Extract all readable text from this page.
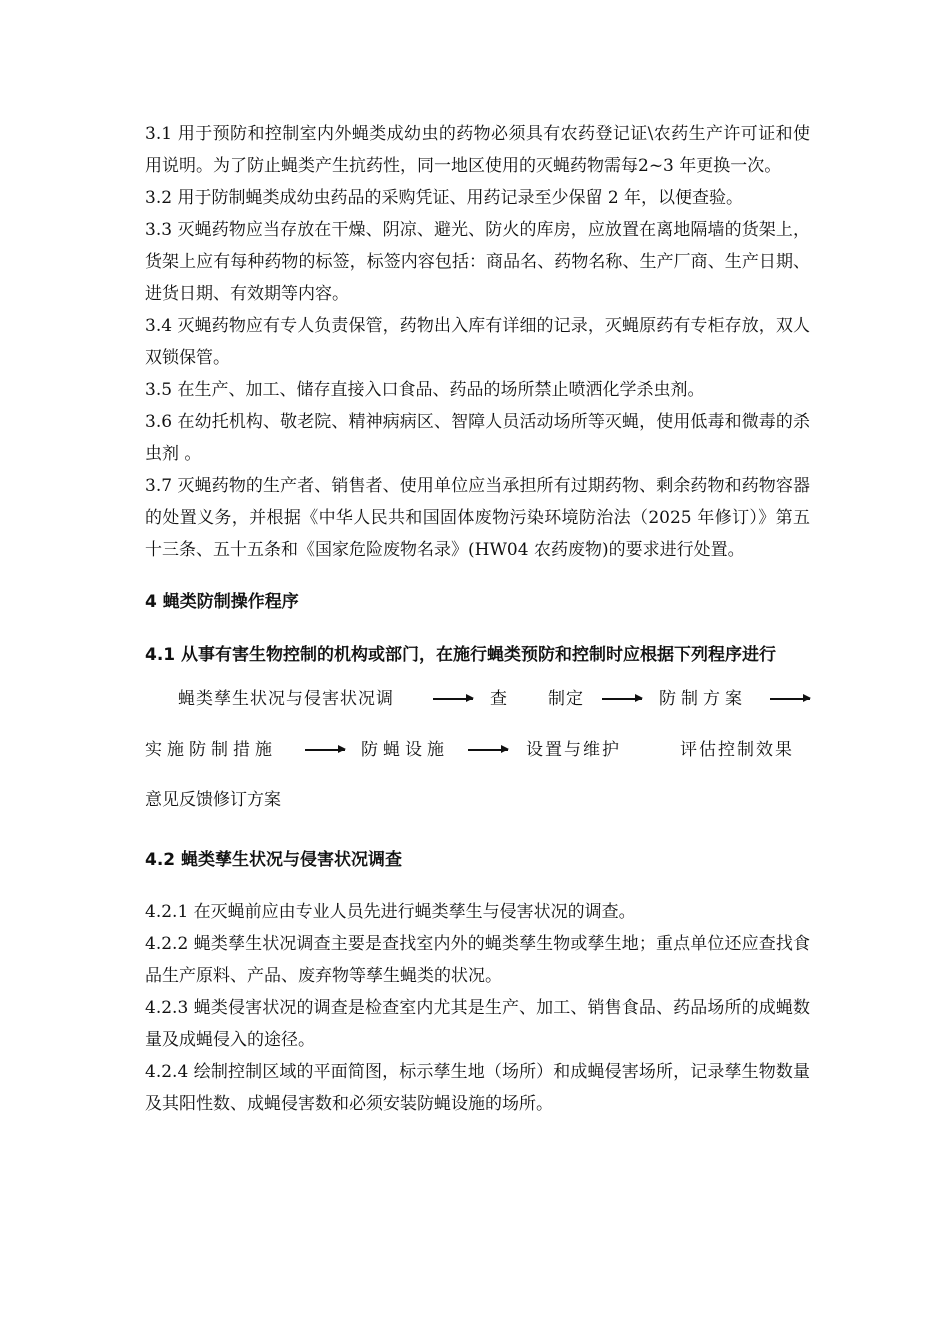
3.1 用于预防和控制室内外蝇类成幼虫的药物必须具有农药登记证\农药生产许可证和使用说明。为了防止蝇类产生抗药性，同一地区使用的灭蝇药物需每2~3 年更换一次。

3.2 用于防制蝇类成幼虫药品的采购凭证、用药记录至少保留 2 年，以便查验。

3.3 灭蝇药物应当存放在干燥、阴凉、避光、防火的库房，应放置在离地隔墙的货架上，货架上应有每种药物的标签，标签内容包括：商品名、药物名称、生产厂商、生产日期、进货日期、有效期等内容。

3.4 灭蝇药物应有专人负责保管，药物出入库有详细的记录，灭蝇原药有专柜存放，双人双锁保管。

3.5 在生产、加工、储存直接入口食品、药品的场所禁止喷洒化学杀虫剂。

3.6 在幼托机构、敬老院、精神病病区、智障人员活动场所等灭蝇，使用低毒和微毒的杀虫剂 。

3.7 灭蝇药物的生产者、销售者、使用单位应当承担所有过期药物、剩余药物和药物容器的处置义务，并根据《中华人民共和国固体废物污染环境防治法（2025 年修订）》第五十三条、五十五条和《国家危险废物名录》(HW04 农药废物)的要求进行处置。

4 蝇类防制操作程序
4.1 从事有害生物控制的机构或部门，在施行蝇类预防和控制时应根据下列程序进行
蝇类孳生状况与侵害状况调	查 制定	防制方案
实施防制措施	防蝇设施	设置与维护	评估控制效果
意见反馈修订方案
4.2 蝇类孳生状况与侵害状况调查

4.2.1 在灭蝇前应由专业人员先进行蝇类孳生与侵害状况的调查。

4.2.2 蝇类孳生状况调查主要是查找室内外的蝇类孳生物或孳生地；重点单位还应查找食品生产原料、产品、废弃物等孳生蝇类的状况。

4.2.3 蝇类侵害状况的调查是检查室内尤其是生产、加工、销售食品、药品场所的成蝇数量及成蝇侵入的途径。

4.2.4 绘制控制区域的平面简图，标示孳生地（场所）和成蝇侵害场所，记录孳生物数量及其阳性数、成蝇侵害数和必须安装防蝇设施的场所。
